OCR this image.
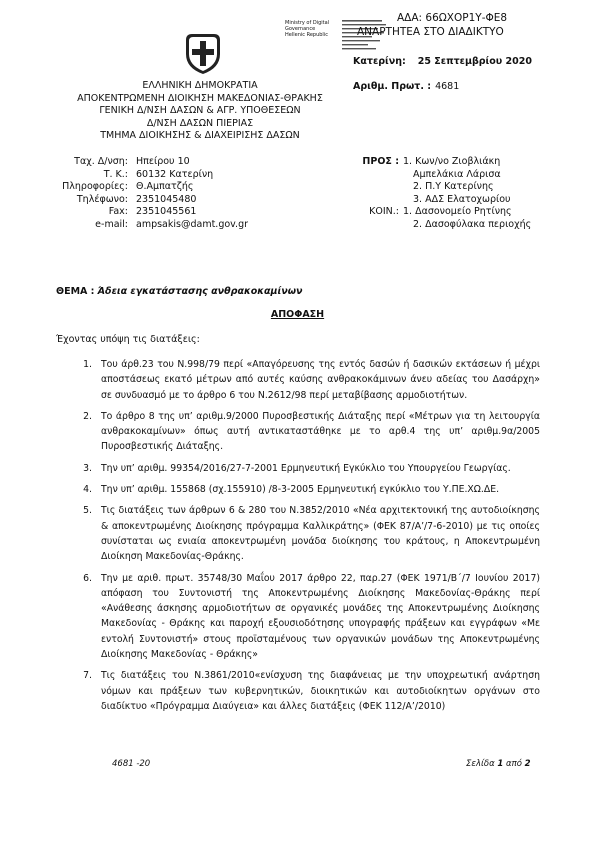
Ministry of Digital
Governance
Hellenic Republic
ΑΔΑ: 66ΩΧΟΡ1Υ-ΦΕ8
ΑΝΑΡΤΗΤΕΑ ΣΤΟ ΔΙΑΔΙΚΤΥΟ
Κατερίνη: 25 Σεπτεμβρίου 2020
Αριθμ. Πρωτ. : 4681
ΕΛΛΗΝΙΚΗ ΔΗΜΟΚΡΑΤΙΑ
ΑΠΟΚΕΝΤΡΩΜΕΝΗ ΔΙΟΙΚΗΣΗ ΜΑΚΕΔΟΝΙΑΣ-ΘΡΑΚΗΣ
ΓΕΝΙΚΗ Δ/ΝΣΗ ΔΑΣΩΝ & ΑΓΡ. ΥΠΟΘΕΣΕΩΝ
Δ/ΝΣΗ ΔΑΣΩΝ ΠΙΕΡΙΑΣ
ΤΜΗΜΑ ΔΙΟΙΚΗΣΗΣ & ΔΙΑΧΕΙΡΙΣΗΣ ΔΑΣΩΝ
Ταχ. Δ/νση: Ηπείρου 10
Τ. Κ.: 60132 Κατερίνη
Πληροφορίες: Θ.Αμπατζής
Τηλέφωνο: 2351045480
Fax: 2351045561
e-mail: ampsakis@damt.gov.gr
ΠΡΟΣ : 1. Κων/νο Ζιοβλιάκη
Αμπελάκια Λάρισα
2. Π.Υ Κατερίνης
3. ΑΔΣ Ελατοχωρίου
ΚΟΙΝ.: 1. Δασονομείο Ρητίνης
2. Δασοφύλακα περιοχής
ΘΕΜΑ : Άδεια εγκατάστασης ανθρακοκαμίνων
ΑΠΟΦΑΣΗ
Έχοντας υπόψη τις διατάξεις:
1. Του άρθ.23 του Ν.998/79 περί «Απαγόρευσης της εντός δασών ή δασικών εκτάσεων ή μέχρι αποστάσεως εκατό μέτρων από αυτές καύσης ανθρακοκάμινων άνευ αδείας του Δασάρχη» σε συνδυασμό με το άρθρο 6 του Ν.2612/98 περί μεταβίβασης αρμοδιοτήτων.
2. Το άρθρο 8 της υπ’ αριθμ.9/2000 Πυροσβεστικής Διάταξης περί «Μέτρων για τη λειτουργία ανθρακοκαμίνων» όπως αυτή αντικαταστάθηκε με το αρθ.4 της υπ’ αριθμ.9α/2005 Πυροσβεστικής Διάταξης.
3. Την υπ’ αριθμ. 99354/2016/27-7-2001 Ερμηνευτική Εγκύκλιο του Υπουργείου Γεωργίας.
4. Την υπ’ αριθμ. 155868 (σχ.155910) /8-3-2005 Ερμηνευτική εγκύκλιο του Υ.ΠΕ.ΧΩ.ΔΕ.
5. Τις διατάξεις των άρθρων 6 & 280 του Ν.3852/2010 «Νέα αρχιτεκτονική της αυτοδιοίκησης & αποκεντρωμένης Διοίκησης πρόγραμμα Καλλικράτης» (ΦΕΚ 87/Α’/7-6-2010) με τις οποίες συνίσταται ως ενιαία αποκεντρωμένη μονάδα διοίκησης του κράτους, η Αποκεντρωμένη Διοίκηση Μακεδονίας-Θράκης.
6. Την με αριθ. πρωτ. 35748/30 Μαΐου 2017 άρθρο 22, παρ.27 (ΦΕΚ 1971/Β΄/7 Ιουνίου 2017) απόφαση του Συντονιστή της Αποκεντρωμένης Διοίκησης Μακεδονίας-Θράκης περί «Ανάθεσης άσκησης αρμοδιοτήτων σε οργανικές μονάδες της Αποκεντρωμένης Διοίκησης Μακεδονίας - Θράκης και παροχή εξουσιοδότησης υπογραφής πράξεων και εγγράφων «Με εντολή Συντονιστή» στους προϊσταμένους των οργανικών μονάδων της Αποκεντρωμένης Διοίκησης Μακεδονίας - Θράκης»
7. Τις διατάξεις του Ν.3861/2010«ενίσχυση της διαφάνειας με την υποχρεωτική ανάρτηση νόμων και πράξεων των κυβερνητικών, διοικητικών και αυτοδιοίκητων οργάνων στο διαδίκτυο «Πρόγραμμα Διαύγεια» και άλλες διατάξεις (ΦΕΚ 112/Α’/2010)
4681 -20	Σελίδα 1 από 2
